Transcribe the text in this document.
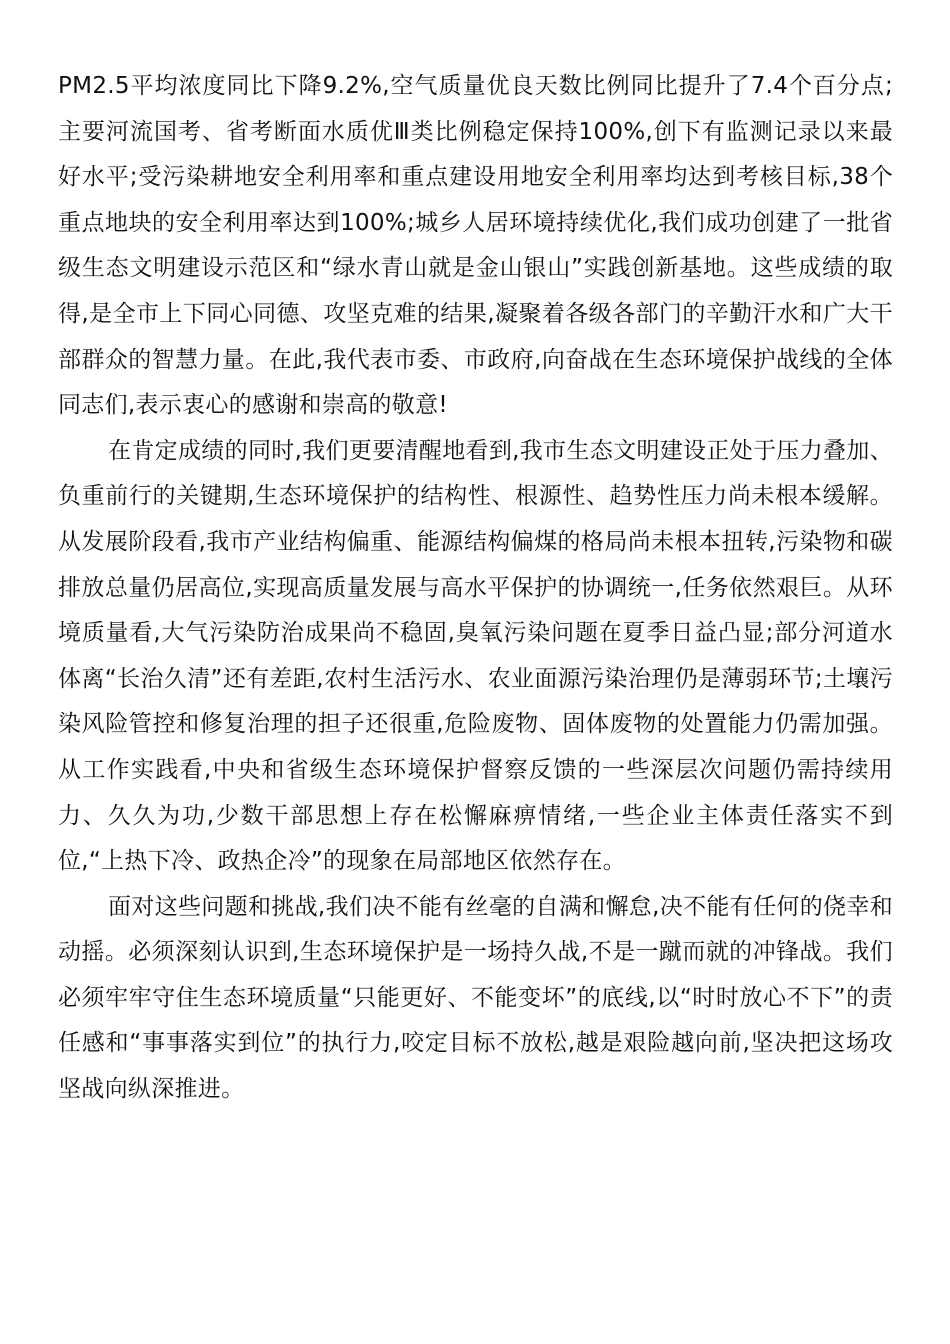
PM2.5平均浓度同比下降9.2%,空气质量优良天数比例同比提升了7.4个百分点;主要河流国考、省考断面水质优Ⅲ类比例稳定保持100%,创下有监测记录以来最好水平;受污染耕地安全利用率和重点建设用地安全利用率均达到考核目标,38个重点地块的安全利用率达到100%;城乡人居环境持续优化,我们成功创建了一批省级生态文明建设示范区和“绿水青山就是金山银山”实践创新基地。这些成绩的取得,是全市上下同心同德、攻坚克难的结果,凝聚着各级各部门的辛勤汗水和广大干部群众的智慧力量。在此,我代表市委、市政府,向奋战在生态环境保护战线的全体同志们,表示衷心的感谢和崇高的敬意!

在肯定成绩的同时,我们更要清醒地看到,我市生态文明建设正处于压力叠加、负重前行的关键期,生态环境保护的结构性、根源性、趋势性压力尚未根本缓解。从发展阶段看,我市产业结构偏重、能源结构偏煤的格局尚未根本扭转,污染物和碳排放总量仍居高位,实现高质量发展与高水平保护的协调统一,任务依然艰巨。从环境质量看,大气污染防治成果尚不稳固,臭氧污染问题在夏季日益凸显;部分河道水体离“长治久清”还有差距,农村生活污水、农业面源污染治理仍是薄弱环节;土壤污染风险管控和修复治理的担子还很重,危险废物、固体废物的处置能力仍需加强。从工作实践看,中央和省级生态环境保护督察反馈的一些深层次问题仍需持续用力、久久为功,少数干部思想上存在松懈麻痹情绪,一些企业主体责任落实不到位,“上热下冷、政热企冷”的现象在局部地区依然存在。

面对这些问题和挑战,我们决不能有丝毫的自满和懈怠,决不能有任何的侥幸和动摇。必须深刻认识到,生态环境保护是一场持久战,不是一蹴而就的冲锋战。我们必须牢牢守住生态环境质量“只能更好、不能变坏”的底线,以“时时放心不下”的责任感和“事事落实到位”的执行力,咬定目标不放松,越是艰险越向前,坚决把这场攻坚战向纵深推进。
